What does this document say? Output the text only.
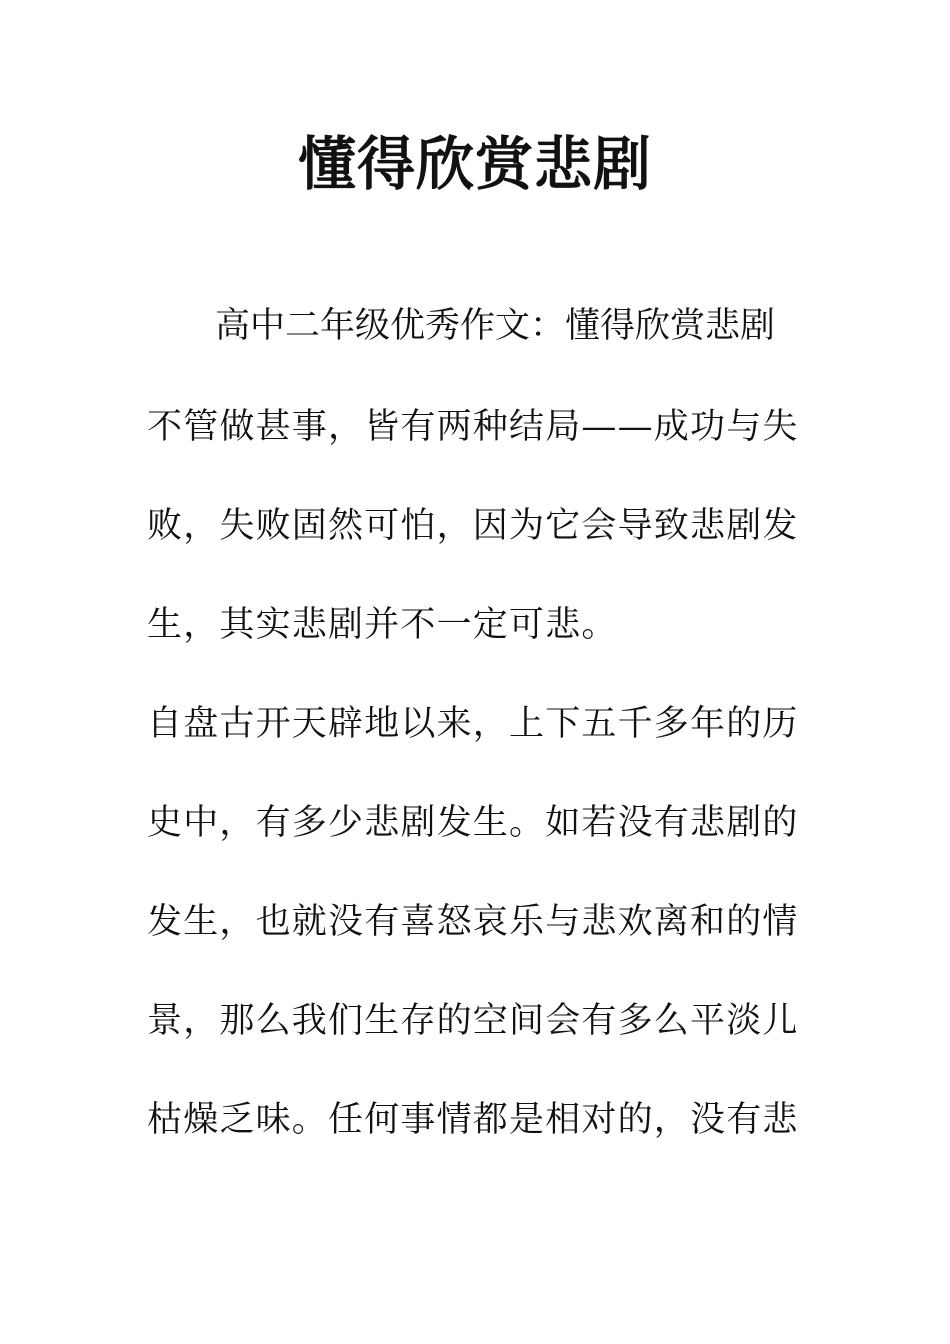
懂得欣赏悲剧

高中二年级优秀作文：懂得欣赏悲剧

不管做甚事，皆有两种结局——成功与失

败，失败固然可怕，因为它会导致悲剧发

生，其实悲剧并不一定可悲。

自盘古开天辟地以来，上下五千多年的历

史中，有多少悲剧发生。如若没有悲剧的

发生，也就没有喜怒哀乐与悲欢离和的情

景，那么我们生存的空间会有多么平淡儿

枯燥乏味。任何事情都是相对的，没有悲
